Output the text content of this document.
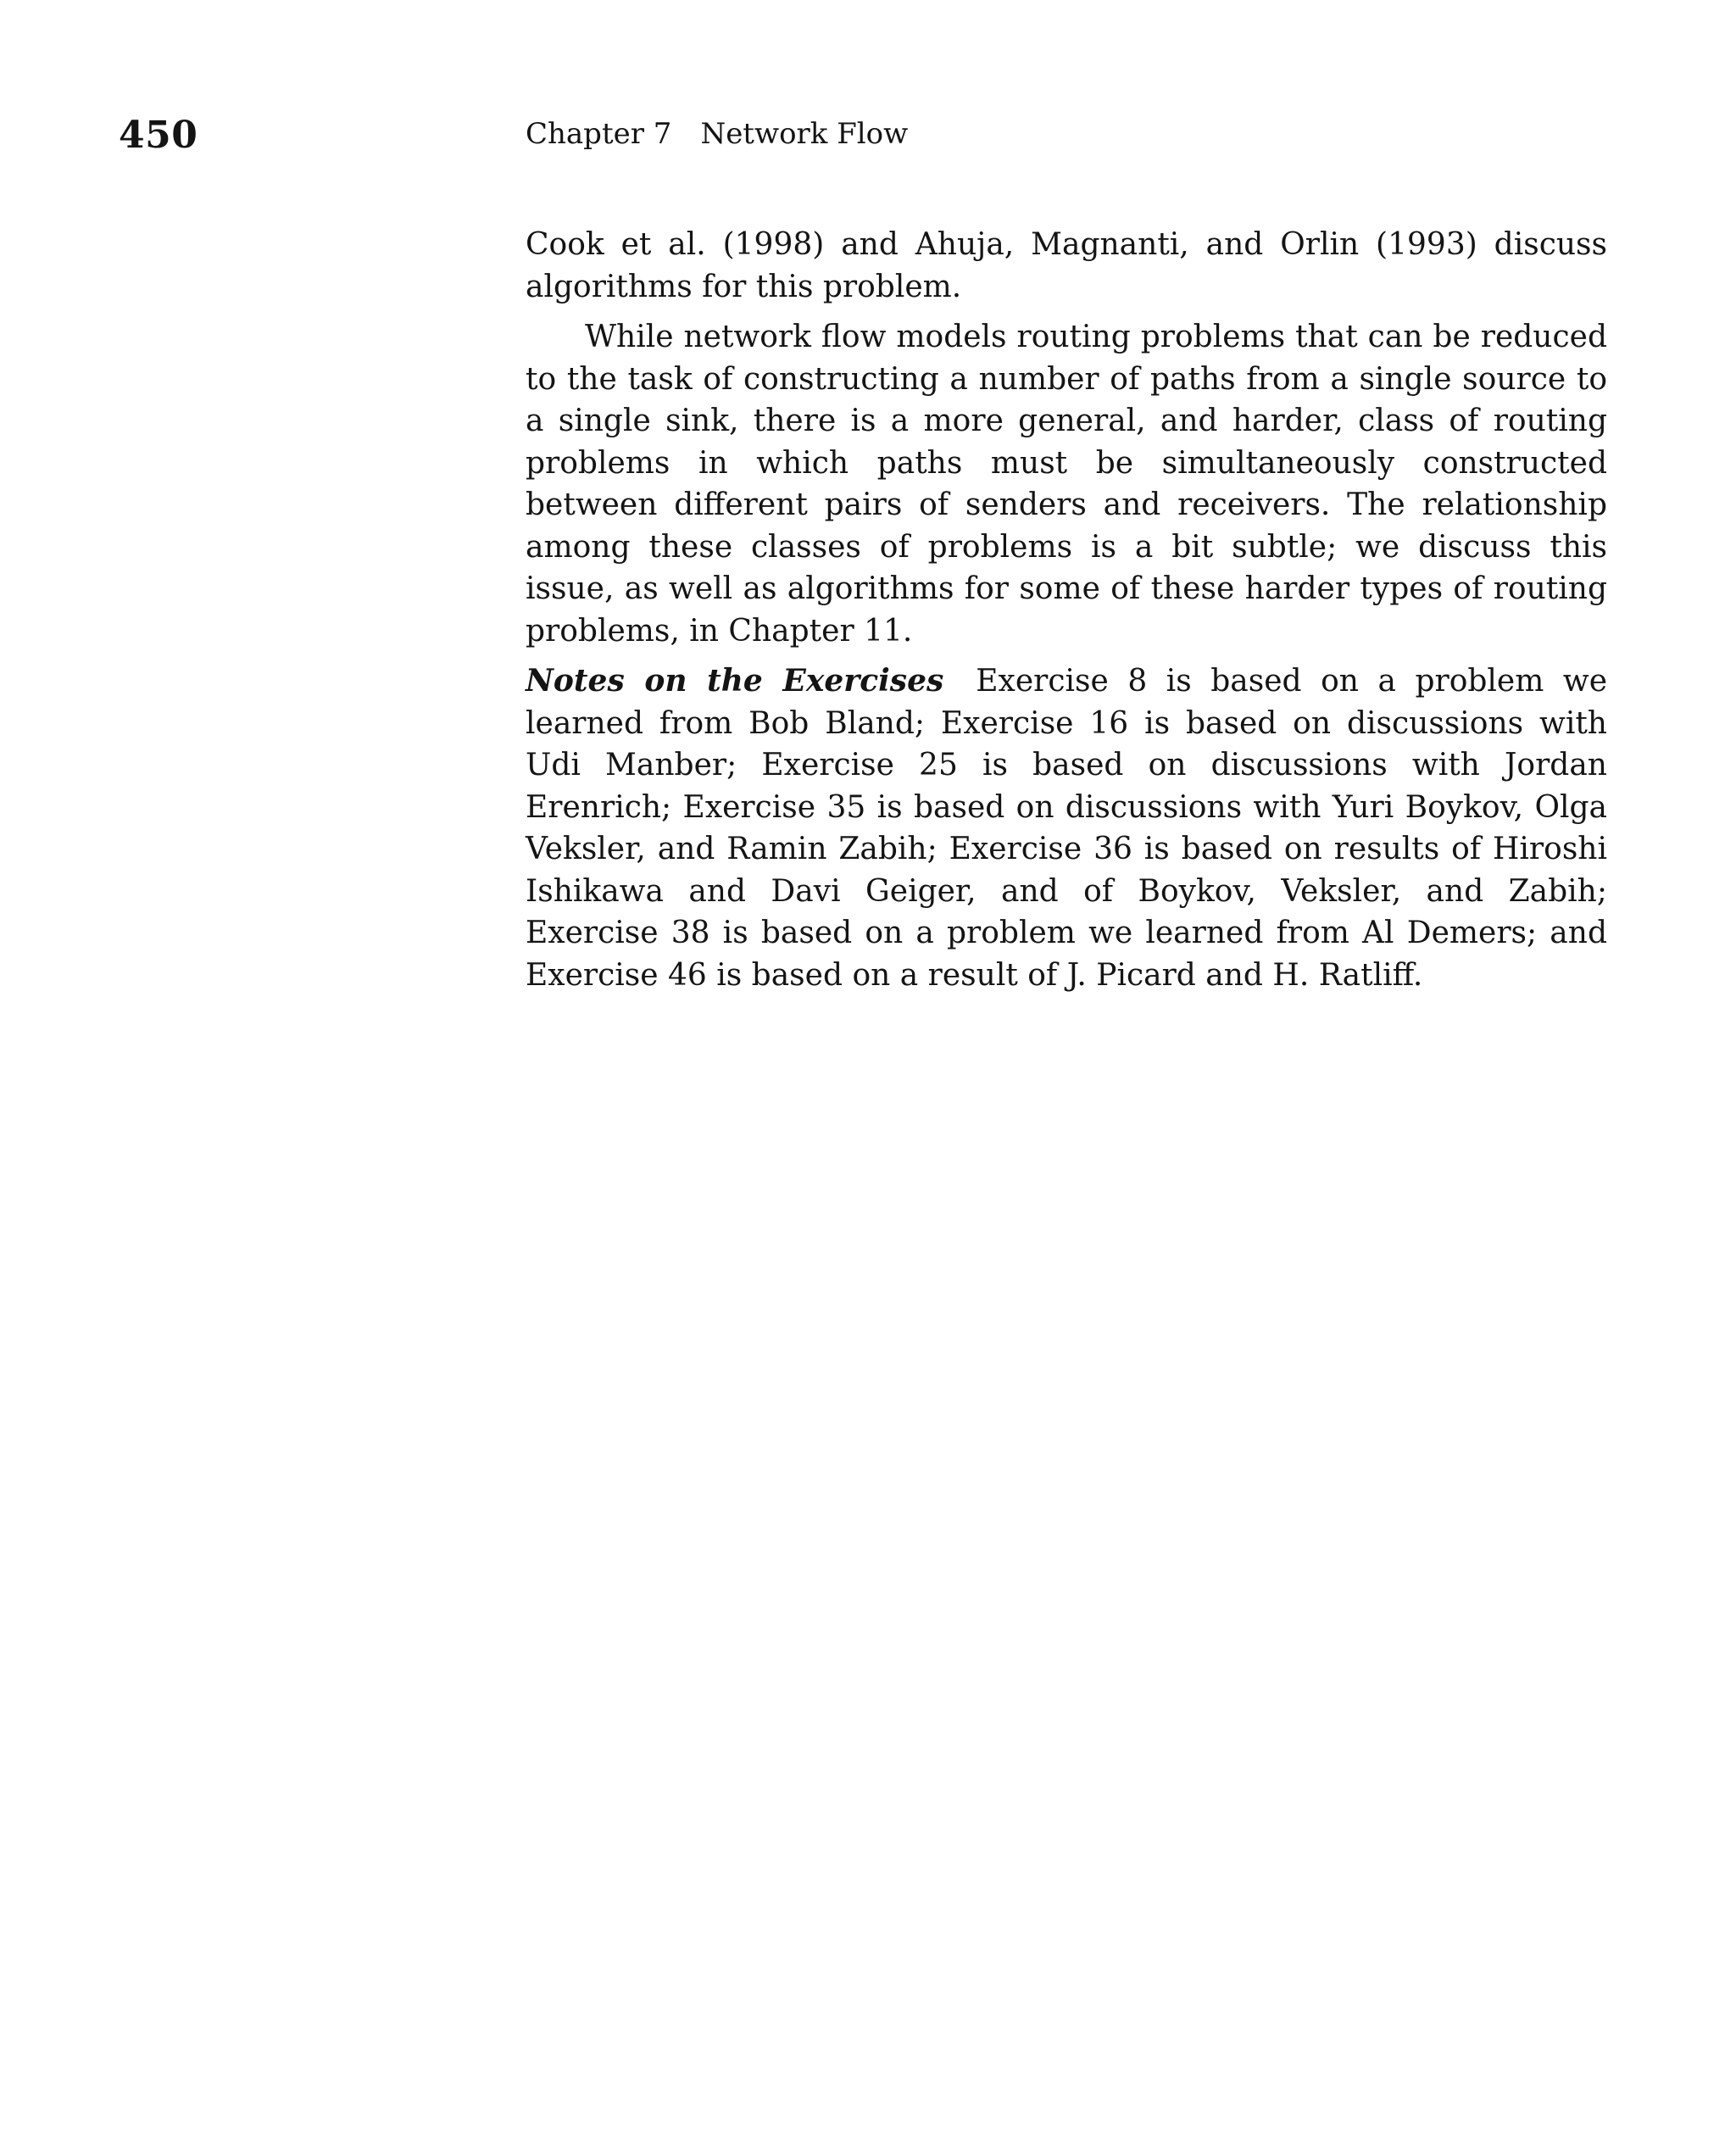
450	Chapter 7 Network Flow

Cook et al. (1998) and Ahuja, Magnanti, and Orlin (1993) discuss algorithms for this problem.

While network flow models routing problems that can be reduced to the task of constructing a number of paths from a single source to a single sink, there is a more general, and harder, class of routing problems in which paths must be simultaneously constructed between different pairs of senders and receivers. The relationship among these classes of problems is a bit subtle; we discuss this issue, as well as algorithms for some of these harder types of routing problems, in Chapter 11.

Notes on the Exercises Exercise 8 is based on a problem we learned from Bob Bland; Exercise 16 is based on discussions with Udi Manber; Exercise 25 is based on discussions with Jordan Erenrich; Exercise 35 is based on discussions with Yuri Boykov, Olga Veksler, and Ramin Zabih; Exercise 36 is based on results of Hiroshi Ishikawa and Davi Geiger, and of Boykov, Veksler, and Zabih; Exercise 38 is based on a problem we learned from Al Demers; and Exercise 46 is based on a result of J. Picard and H. Ratliff.
